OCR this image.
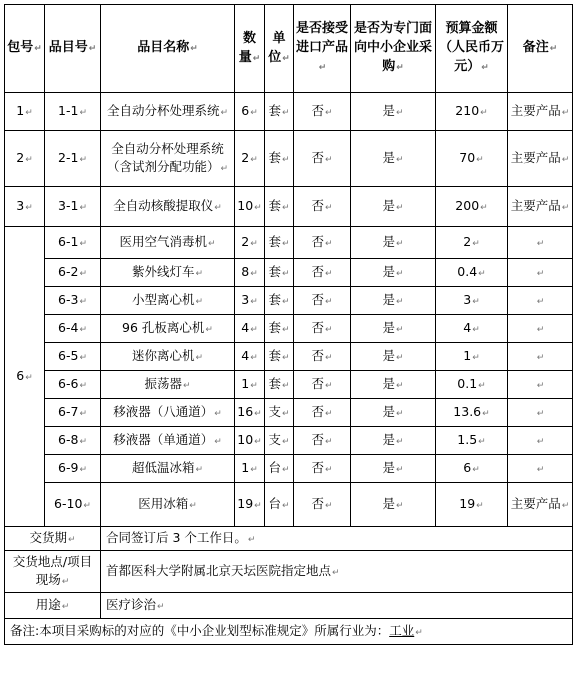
包号↵	品目号↵	品目名称↵	数量↵	单位↵	是否接受进口产品↵	是否为专门面向中小企业采购↵	预算金额（人民币万元）↵	备注↵
1↵	1-1↵	全自动分杯处理系统↵	6↵	套↵	否↵	是↵	210↵	主要产品↵
2↵	2-1↵	全自动分杯处理系统（含试剂分配功能）↵	2↵	套↵	否↵	是↵	70↵	主要产品↵
3↵	3-1↵	全自动核酸提取仪↵	10↵	套↵	否↵	是↵	200↵	主要产品↵
6↵	6-1↵	医用空气消毒机↵	2↵	套↵	否↵	是↵	2↵	↵
	6-2↵	紫外线灯车↵	8↵	套↵	否↵	是↵	0.4↵	↵
	6-3↵	小型离心机↵	3↵	套↵	否↵	是↵	3↵	↵
	6-4↵	96 孔板离心机↵	4↵	套↵	否↵	是↵	4↵	↵
	6-5↵	迷你离心机↵	4↵	套↵	否↵	是↵	1↵	↵
	6-6↵	振荡器↵	1↵	套↵	否↵	是↵	0.1↵	↵
	6-7↵	移液器（八通道）↵	16↵	支↵	否↵	是↵	13.6↵	↵
	6-8↵	移液器（单通道）↵	10↵	支↵	否↵	是↵	1.5↵	↵
	6-9↵	超低温冰箱↵	1↵	台↵	否↵	是↵	6↵	↵
	6-10↵	医用冰箱↵	19↵	台↵	否↵	是↵	19↵	主要产品↵
交货期↵		合同签订后 3 个工作日。↵						
交货地点/项目现场↵		首都医科大学附属北京天坛医院指定地点↵						
用途↵		医疗诊治↵						
备注:本项目采购标的对应的《中小企业划型标准规定》所属行业为：工业↵								
